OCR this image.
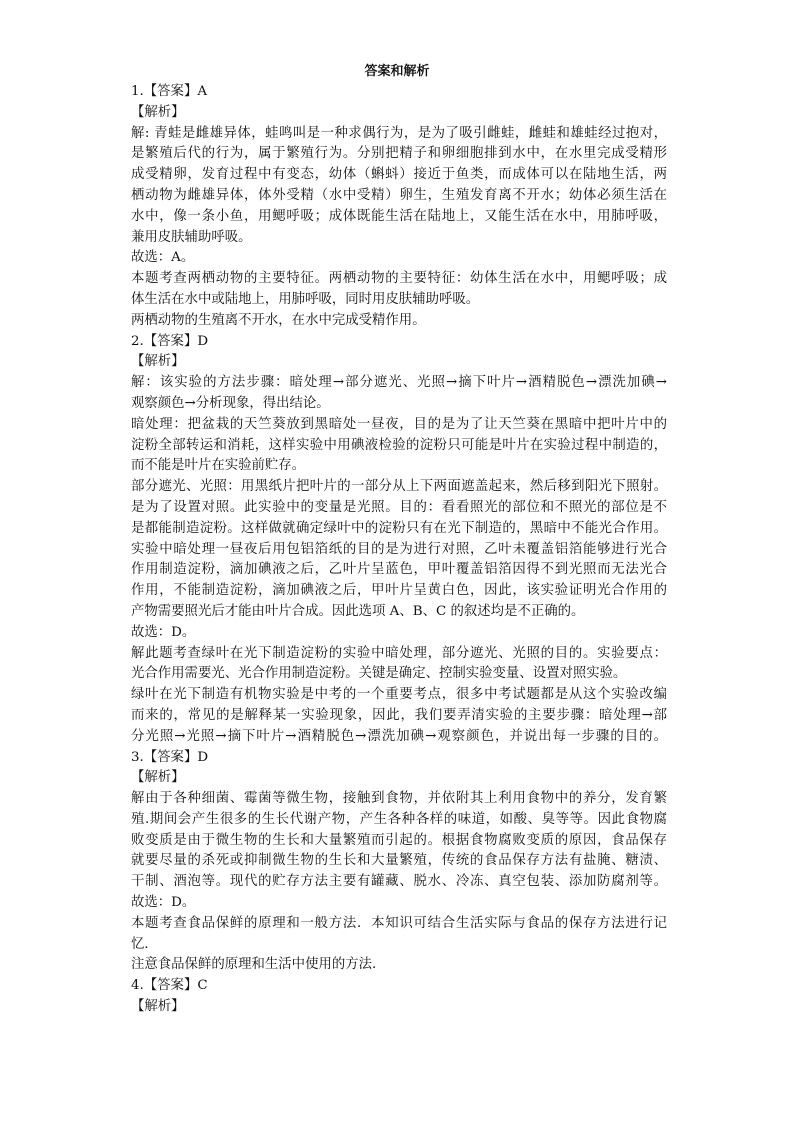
答案和解析
1.【答案】A
【解析】
解: 青蛙是雌雄异体，蛙鸣叫是一种求偶行为，是为了吸引雌蛙，雌蛙和雄蛙经过抱对，
是繁殖后代的行为，属于繁殖行为。分别把精子和卵细胞排到水中，在水里完成受精形
成受精卵，发育过程中有变态，幼体（蝌蚪）接近于鱼类，而成体可以在陆地生活，两
栖动物为雌雄异体，体外受精（水中受精）卵生，生殖发育离不开水；幼体必须生活在
水中，像一条小鱼，用鳃呼吸；成体既能生活在陆地上，又能生活在水中，用肺呼吸，
兼用皮肤辅助呼吸。
故选：A。
本题考查两栖动物的主要特征。两栖动物的主要特征：幼体生活在水中，用鳃呼吸；成
体生活在水中或陆地上，用肺呼吸，同时用皮肤辅助呼吸。
两栖动物的生殖离不开水，在水中完成受精作用。
2.【答案】D
【解析】
解：该实验的方法步骤：暗处理→部分遮光、光照→摘下叶片→酒精脱色→漂洗加碘→
观察颜色→分析现象，得出结论。
暗处理：把盆栽的天竺葵放到黑暗处一昼夜，目的是为了让天竺葵在黑暗中把叶片中的
淀粉全部转运和消耗，这样实验中用碘液检验的淀粉只可能是叶片在实验过程中制造的，
而不能是叶片在实验前贮存。
部分遮光、光照：用黑纸片把叶片的一部分从上下两面遮盖起来，然后移到阳光下照射。
是为了设置对照。此实验中的变量是光照。目的：看看照光的部位和不照光的部位是不
是都能制造淀粉。这样做就确定绿叶中的淀粉只有在光下制造的，黑暗中不能光合作用。
实验中暗处理一昼夜后用包铝箔纸的目的是为进行对照，乙叶未覆盖铝箔能够进行光合
作用制造淀粉，滴加碘液之后，乙叶片呈蓝色，甲叶覆盖铝箔因得不到光照而无法光合
作用，不能制造淀粉，滴加碘液之后，甲叶片呈黄白色，因此，该实验证明光合作用的
产物需要照光后才能由叶片合成。因此选项 A、B、C 的叙述均是不正确的。
故选：D。
解此题考查绿叶在光下制造淀粉的实验中暗处理，部分遮光、光照的目的。实验要点：
光合作用需要光、光合作用制造淀粉。关键是确定、控制实验变量、设置对照实验。
绿叶在光下制造有机物实验是中考的一个重要考点，很多中考试题都是从这个实验改编
而来的，常见的是解释某一实验现象，因此，我们要弄清实验的主要步骤：暗处理→部
分光照→光照→摘下叶片→酒精脱色→漂洗加碘→观察颜色，并说出每一步骤的目的。
3.【答案】D
【解析】
解由于各种细菌、霉菌等微生物，接触到食物，并依附其上利用食物中的养分，发育繁
殖.期间会产生很多的生长代谢产物，产生各种各样的味道，如酸、臭等等。因此食物腐
败变质是由于微生物的生长和大量繁殖而引起的。根据食物腐败变质的原因，食品保存
就要尽量的杀死或抑制微生物的生长和大量繁殖，传统的食品保存方法有盐腌、糖渍、
干制、酒泡等。现代的贮存方法主要有罐藏、脱水、冷冻、真空包装、添加防腐剂等。
故选：D。
本题考查食品保鲜的原理和一般方法．本知识可结合生活实际与食品的保存方法进行记
忆．
注意食品保鲜的原理和生活中使用的方法．
4.【答案】C
【解析】
